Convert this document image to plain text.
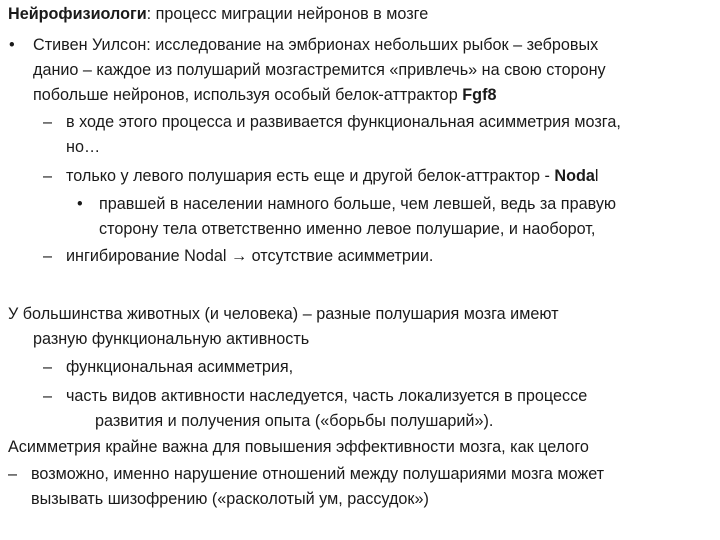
Нейрофизиологи: процесс миграции нейронов в мозге
• Стивен Уилсон: исследование на эмбрионах небольших рыбок – зебровых
данио – каждое из полушарий мозгастремится «привлечь» на свою сторону
побольше нейронов, используя особый белок-аттрактор Fgf8
– в ходе этого процесса и развивается функциональная асимметрия мозга,
но…
– только у левого полушария есть еще и другой белок-аттрактор - Nodal
• правшей в населении намного больше, чем левшей, ведь за правую
сторону тела ответственно именно левое полушарие, и наоборот,
– ингибирование Nodal → отсутствие асимметрии.
У большинства животных (и человека) – разные полушария мозга имеют
разную функциональную активность
– функциональная асимметрия,
– часть видов активности наследуется, часть локализуется в процессе
развития и получения опыта («борьбы полушарий»).
Асимметрия крайне важна для повышения эффективности мозга, как целого
– возможно, именно нарушение отношений между полушариями мозга может
вызывать шизофрению («расколотый ум, рассудок»)
